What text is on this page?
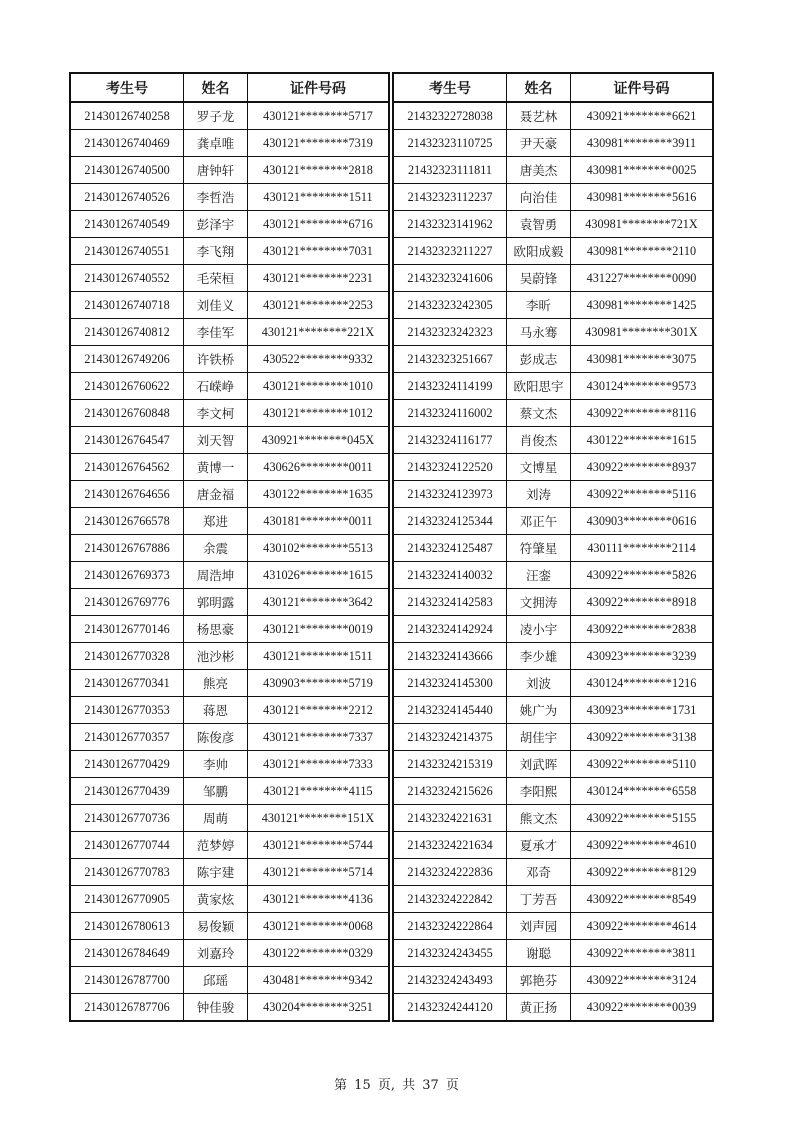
考生号	姓名	证件号码
21430126740258	罗子龙	430121********5717
21430126740469	龚卓唯	430121********7319
21430126740500	唐钟轩	430121********2818
21430126740526	李哲浩	430121********1511
21430126740549	彭泽宇	430121********6716
21430126740551	李飞翔	430121********7031
21430126740552	毛荣桓	430121********2231
21430126740718	刘佳义	430121********2253
21430126740812	李佳军	430121********221X
21430126749206	许铁桥	430522********9332
21430126760622	石嵘峥	430121********1010
21430126760848	李文柯	430121********1012
21430126764547	刘天智	430921********045X
21430126764562	黄博一	430626********0011
21430126764656	唐金福	430122********1635
21430126766578	郑进	430181********0011
21430126767886	余震	430102********5513
21430126769373	周浩坤	431026********1615
21430126769776	郭明露	430121********3642
21430126770146	杨思豪	430121********0019
21430126770328	池沙彬	430121********1511
21430126770341	熊亮	430903********5719
21430126770353	蒋恩	430121********2212
21430126770357	陈俊彦	430121********7337
21430126770429	李帅	430121********7333
21430126770439	邹鹏	430121********4115
21430126770736	周萌	430121********151X
21430126770744	范梦婷	430121********5744
21430126770783	陈宇建	430121********5714
21430126770905	黄家炫	430121********4136
21430126780613	易俊颖	430121********0068
21430126784649	刘嘉玲	430122********0329
21430126787700	邱瑶	430481********9342
21430126787706	钟佳骏	430204********3251
考生号	姓名	证件号码
21432322728038	聂艺林	430921********6621
21432323110725	尹天豪	430981********3911
21432323111811	唐美杰	430981********0025
21432323112237	向治佳	430981********5616
21432323141962	袁智勇	430981********721X
21432323211227	欧阳成毅	430981********2110
21432323241606	吴蔚锋	431227********0090
21432323242305	李昕	430981********1425
21432323242323	马永骞	430981********301X
21432323251667	彭成志	430981********3075
21432324114199	欧阳思宇	430124********9573
21432324116002	蔡文杰	430922********8116
21432324116177	肖俊杰	430122********1615
21432324122520	文博星	430922********8937
21432324123973	刘涛	430922********5116
21432324125344	邓正午	430903********0616
21432324125487	符肇星	430111********2114
21432324140032	汪銮	430922********5826
21432324142583	文拥涛	430922********8918
21432324142924	凌小宇	430922********2838
21432324143666	李少雄	430923********3239
21432324145300	刘波	430124********1216
21432324145440	姚广为	430923********1731
21432324214375	胡佳宇	430922********3138
21432324215319	刘武晖	430922********5110
21432324215626	李阳熙	430124********6558
21432324221631	熊文杰	430922********5155
21432324221634	夏承才	430922********4610
21432324222836	邓奇	430922********8129
21432324222842	丁芳吾	430922********8549
21432324222864	刘声园	430922********4614
21432324243455	谢聪	430922********3811
21432324243493	郭艳芬	430922********3124
21432324244120	黄正扬	430922********0039
第 15 页, 共 37 页
